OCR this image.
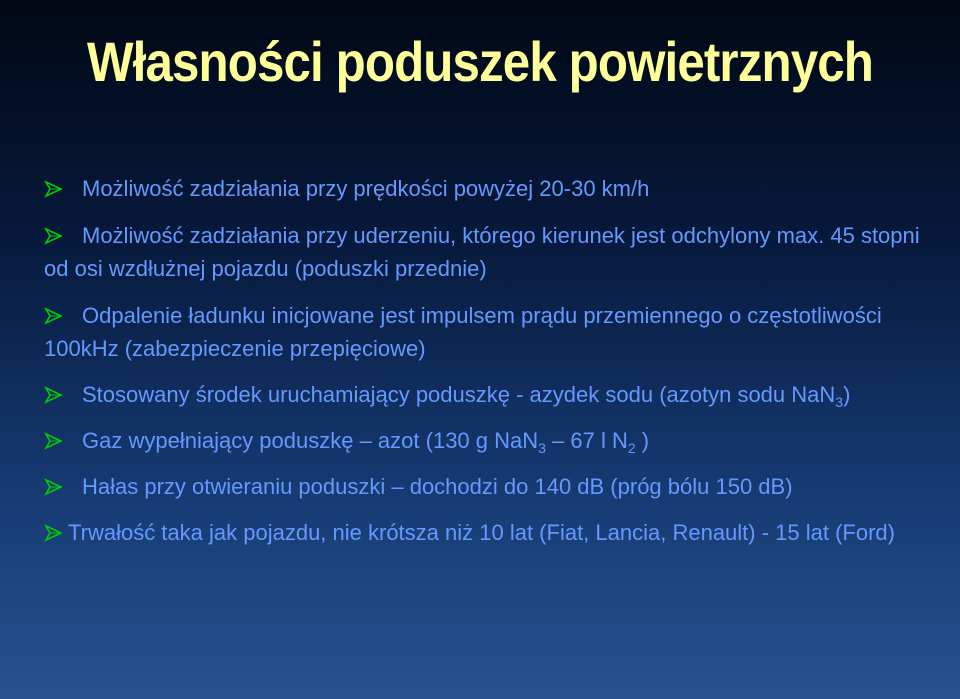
Własności poduszek powietrznych
Możliwość zadziałania przy prędkości powyżej 20-30 km/h
Możliwość zadziałania przy uderzeniu, którego kierunek jest odchylony max. 45 stopni od osi wzdłużnej pojazdu (poduszki przednie)
Odpalenie ładunku inicjowane jest impulsem prądu przemiennego o częstotliwości 100kHz (zabezpieczenie przepięciowe)
Stosowany środek uruchamiający poduszkę - azydek sodu (azotyn sodu NaN$_3$)
Gaz wypełniający poduszkę – azot (130 g NaN$_3$ – 67 l $N_2$ )
Hałas przy otwieraniu poduszki – dochodzi do 140 dB (próg bólu 150 dB)
Trwałość taka jak pojazdu, nie krótsza niż 10 lat (Fiat, Lancia, Renault) - 15 lat (Ford)
